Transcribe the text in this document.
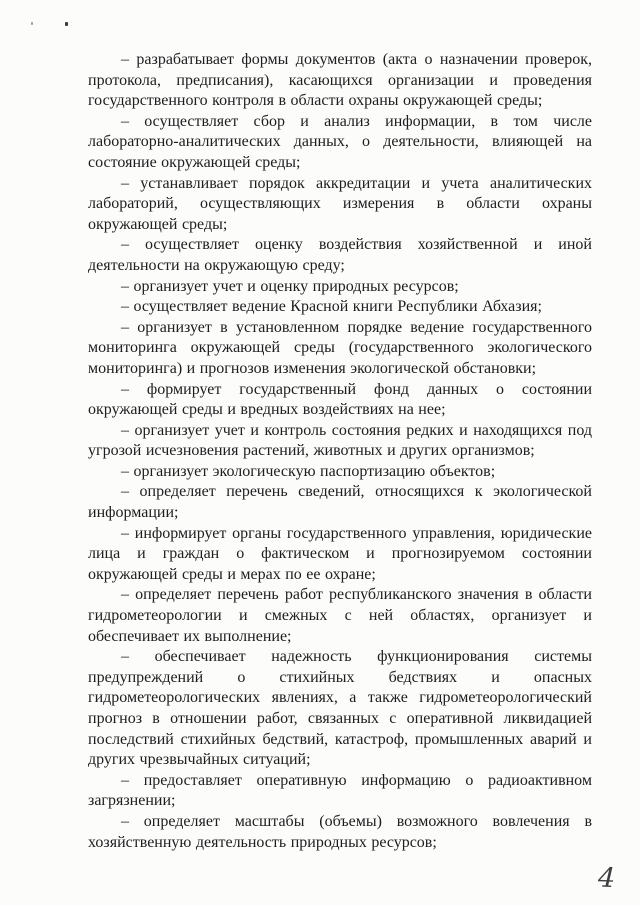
– разрабатывает формы документов (акта о назначении проверок, протокола, предписания), касающихся организации и проведения государственного контроля в области охраны окружающей среды;

– осуществляет сбор и анализ информации, в том числе лабораторно-аналитических данных, о деятельности, влияющей на состояние окружающей среды;

– устанавливает порядок аккредитации и учета аналитических лабораторий, осуществляющих измерения в области охраны окружающей среды;

– осуществляет оценку воздействия хозяйственной и иной деятельности на окружающую среду;

– организует учет и оценку природных ресурсов;

– осуществляет ведение Красной книги Республики Абхазия;

– организует в установленном порядке ведение государственного мониторинга окружающей среды (государственного экологического мониторинга) и прогнозов изменения экологической обстановки;

– формирует государственный фонд данных о состоянии окружающей среды и вредных воздействиях на нее;

– организует учет и контроль состояния редких и находящихся под угрозой исчезновения растений, животных и других организмов;

– организует экологическую паспортизацию объектов;

– определяет перечень сведений, относящихся к экологической информации;

– информирует органы государственного управления, юридические лица и граждан о фактическом и прогнозируемом состоянии окружающей среды и мерах по ее охране;

– определяет перечень работ республиканского значения в области гидрометеорологии и смежных с ней областях, организует и обеспечивает их выполнение;

– обеспечивает надежность функционирования системы предупреждений о стихийных бедствиях и опасных гидрометеорологических явлениях, а также гидрометеорологический прогноз в отношении работ, связанных с оперативной ликвидацией последствий стихийных бедствий, катастроф, промышленных аварий и других чрезвычайных ситуаций;

– предоставляет оперативную информацию о радиоактивном загрязнении;

– определяет масштабы (объемы) возможного вовлечения в хозяйственную деятельность природных ресурсов;

4
